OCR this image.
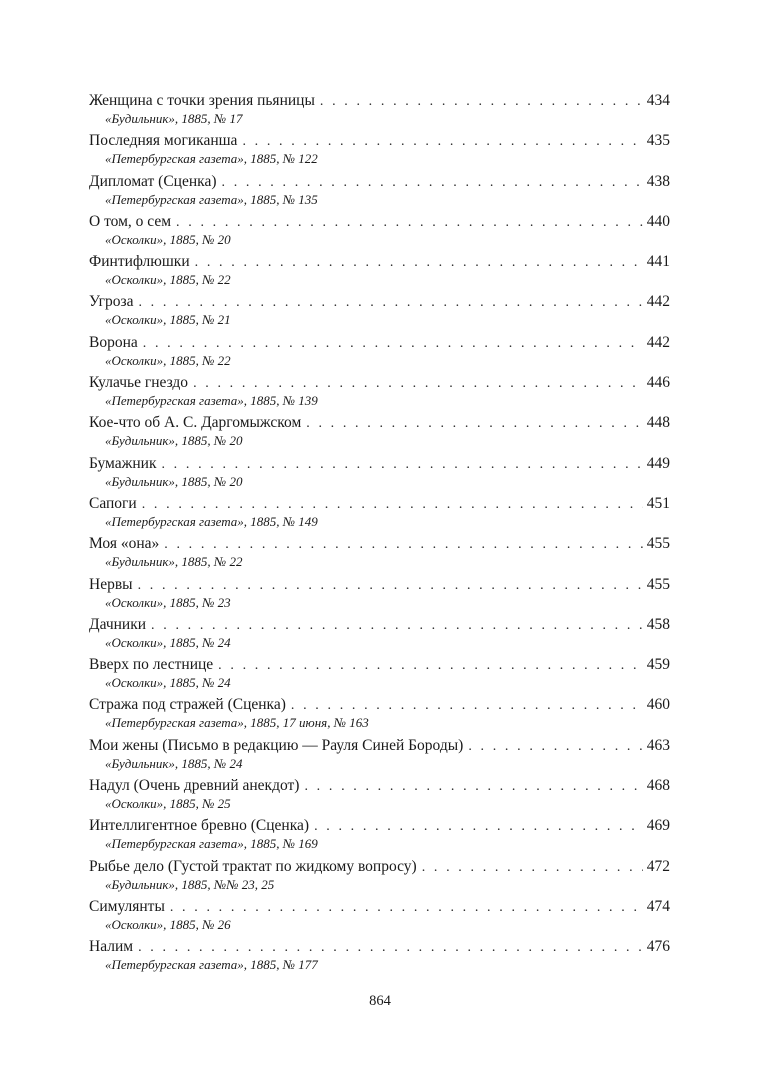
Женщина с точки зрения пьяницы . . .	434
«Будильник», 1885, № 17
Последняя могиканша . . .	435
«Петербургская газета», 1885, № 122
Дипломат (Сценка) . . .	438
«Петербургская газета», 1885, № 135
О том, о сем . . .	440
«Осколки», 1885, № 20
Финтифлюшки . . .	441
«Осколки», 1885, № 22
Угроза . . .	442
«Осколки», 1885, № 21
Ворона . . .	442
«Осколки», 1885, № 22
Кулачье гнездо . . .	446
«Петербургская газета», 1885, № 139
Кое-что об А. С. Даргомыжском . . .	448
«Будильник», 1885, № 20
Бумажник . . .	449
«Будильник», 1885, № 20
Сапоги . . .	451
«Петербургская газета», 1885, № 149
Моя «она» . . .	455
«Будильник», 1885, № 22
Нервы . . .	455
«Осколки», 1885, № 23
Дачники . . .	458
«Осколки», 1885, № 24
Вверх по лестнице . . .	459
«Осколки», 1885, № 24
Стража под стражей (Сценка) . . .	460
«Петербургская газета», 1885, 17 июня, № 163
Мои жены (Письмо в редакцию — Рауля Синей Бороды) . . .	463
«Будильник», 1885, № 24
Надул (Очень древний анекдот) . . .	468
«Осколки», 1885, № 25
Интеллигентное бревно (Сценка) . . .	469
«Петербургская газета», 1885, № 169
Рыбье дело (Густой трактат по жидкому вопросу) . . .	472
«Будильник», 1885, №№ 23, 25
Симулянты . . .	474
«Осколки», 1885, № 26
Налим . . .	476
«Петербургская газета», 1885, № 177
864
